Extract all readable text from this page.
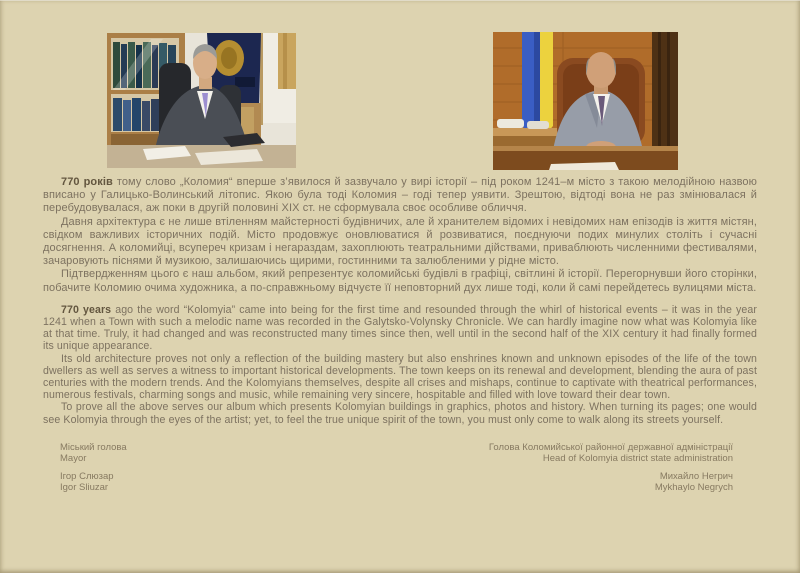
770 років тому слово „Коломия“ вперше з’явилося й зазвучало у вирі історії – під роком 1241–м місто з такою мелодійною назвою вписано у Галицько-Волинський літопис. Якою була тоді Коломия – годі тепер уявити. Зрештою, відтоді вона не раз змінювалася й перебудовувалася, аж поки в другій половині XIX ст. не сформувала своє особливе обличчя.

Давня архітектура є не лише втіленням майстерності будівничих, але й хранителем відомих і невідомих нам епізодів із життя містян, свідком важливих історичних подій. Місто продовжує оновлюватися й розвиватися, поєднуючи подих минулих століть і сучасні досягнення. А коломийці, всупереч кризам і негараздам, захоплюють театральними дійствами, приваблюють численними фестивалями, зачаровують піснями й музикою, залишаючись щирими, гостинними та залюбленими у рідне місто.

Підтвердженням цього є наш альбом, який репрезентує коломийські будівлі в графіці, світлині й історії. Перегорнувши його сторінки, побачите Коломию очима художника, а по-справжньому відчуєте її неповторний дух лише тоді, коли й самі перейдетесь вулицями міста.

770 years ago the word “Kolomyia” came into being for the first time and resounded through the whirl of historical events – it was in the year 1241 when a Town with such a melodic name was recorded in the Galytsko-Volynsky Chronicle. We can hardly imagine now what was Kolomyia like at that time. Truly, it had changed and was reconstructed many times since then, well until in the second half of the XIX century it had finally formed its unique appearance.

Its old architecture proves not only a reflection of the building mastery but also enshrines known and unknown episodes of the life of the town dwellers as well as serves a witness to important historical developments. The town keeps on its renewal and development, blending the aura of past centuries with the modern trends. And the Kolomyians themselves, despite all crises and mishaps, continue to captivate with theatrical performances, numerous festivals, charming songs and music, while remaining very sincere, hospitable and filled with love toward their dear town.

To prove all the above serves our album which presents Kolomyian buildings in graphics, photos and history. When turning its pages; one would see Kolomyia through the eyes of the artist; yet, to feel the true unique spirit of the town, you must only come to walk along its streets yourself.

Міський голова
Mayor
Ігор Слюзар
Igor Sliuzar
Голова Коломийської районної державної адміністрації
Head of Kolomyia district state administration
Михайло Негрич
Mykhaylo Negrych
